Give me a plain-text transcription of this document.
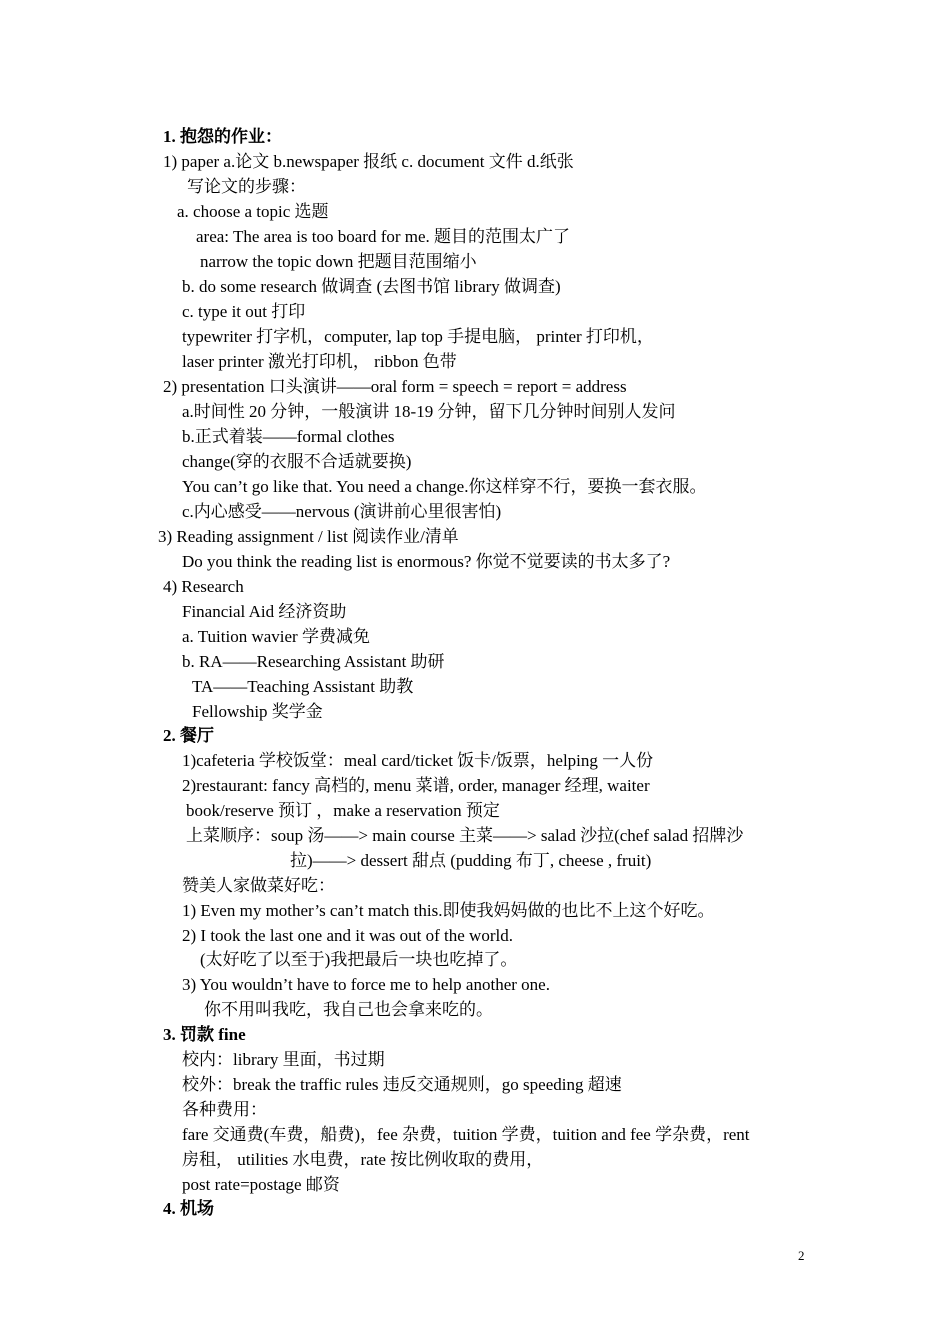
1. 抱怨的作业：
1) paper a.论文 b.newspaper 报纸 c. document 文件 d.纸张
写论文的步骤：
a. choose a topic 选题
area: The area is too board for me. 题目的范围太广了
narrow the topic down 把题目范围缩小
b. do some research 做调查 (去图书馆 library 做调查)
c. type it out 打印
typewriter 打字机，computer, lap top 手提电脑， printer 打印机，
laser printer 激光打印机， ribbon 色带
2) presentation 口头演讲——oral form = speech = report = address
a.时间性 20 分钟，一般演讲 18-19 分钟，留下几分钟时间别人发问
b.正式着装——formal clothes
change(穿的衣服不合适就要换)
You can’t go like that. You need a change.你这样穿不行，要换一套衣服。
c.内心感受——nervous (演讲前心里很害怕)
3) Reading assignment / list 阅读作业/清单
Do you think the reading list is enormous? 你觉不觉要读的书太多了?
4) Research
Financial Aid 经济资助
a. Tuition wavier 学费减免
b. RA——Researching Assistant 助研
TA——Teaching Assistant 助教
Fellowship 奖学金
2. 餐厅
1)cafeteria 学校饭堂：meal card/ticket 饭卡/饭票，helping 一人份
2)restaurant: fancy 高档的, menu 菜谱, order, manager 经理, waiter
book/reserve 预订 ，make a reservation 预定
上菜顺序：soup 汤——> main course 主菜——> salad 沙拉(chef salad 招牌沙
拉)——> dessert 甜点 (pudding 布丁, cheese , fruit)
赞美人家做菜好吃：
1) Even my mother’s can’t match this.即使我妈妈做的也比不上这个好吃。
2) I took the last one and it was out of the world.
(太好吃了以至于)我把最后一块也吃掉了。
3) You wouldn’t have to force me to help another one.
你不用叫我吃，我自己也会拿来吃的。
3. 罚款 fine
校内：library 里面，书过期
校外：break the traffic rules 违反交通规则，go speeding 超速
各种费用：
fare 交通费(车费，船费)，fee 杂费，tuition 学费，tuition and fee 学杂费，rent
房租， utilities 水电费，rate 按比例收取的费用，
post rate=postage 邮资
4. 机场
2
